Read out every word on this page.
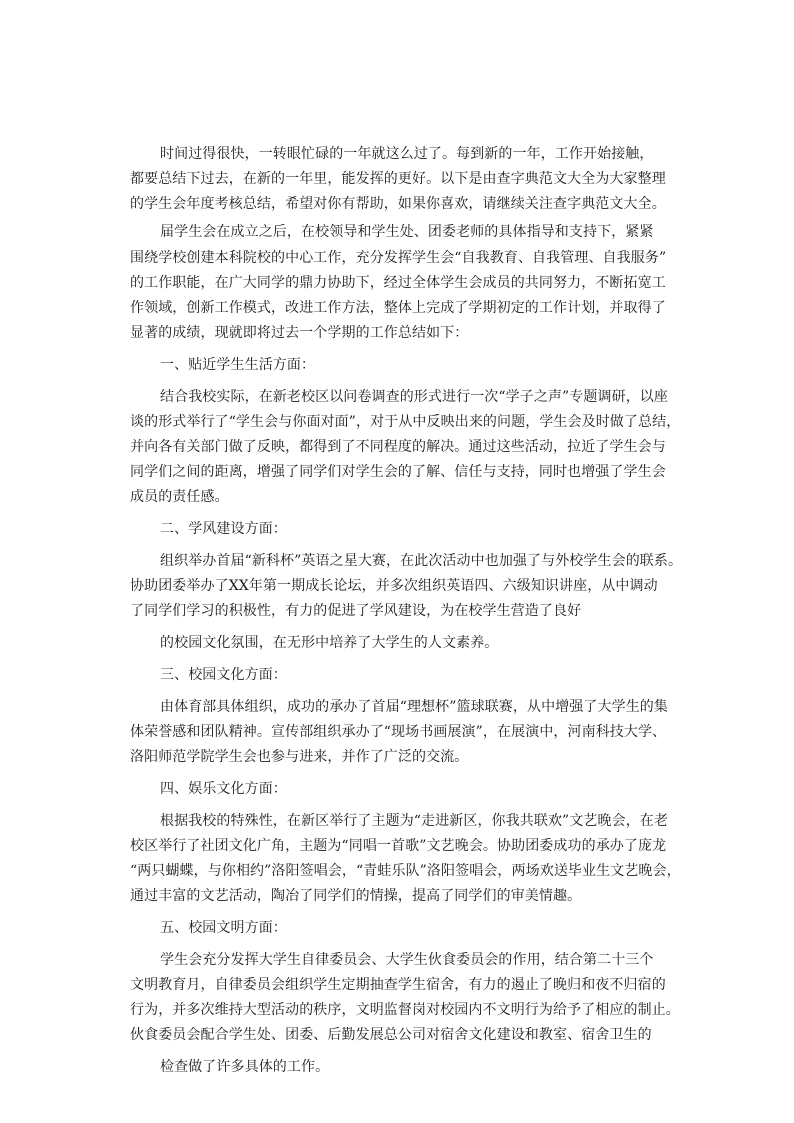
时间过得很快，一转眼忙碌的一年就这么过了。每到新的一年，工作开始接触，
都要总结下过去，在新的一年里，能发挥的更好。以下是由查字典范文大全为大家整理
的学生会年度考核总结，希望对你有帮助，如果你喜欢，请继续关注查字典范文大全。
届学生会在成立之后，在校领导和学生处、团委老师的具体指导和支持下，紧紧
围绕学校创建本科院校的中心工作，充分发挥学生会“自我教育、自我管理、自我服务”
的工作职能，在广大同学的鼎力协助下，经过全体学生会成员的共同努力，不断拓宽工
作领域，创新工作模式，改进工作方法，整体上完成了学期初定的工作计划，并取得了
显著的成绩，现就即将过去一个学期的工作总结如下：
一、贴近学生生活方面：
结合我校实际，在新老校区以问卷调查的形式进行一次“学子之声”专题调研，以座
谈的形式举行了“学生会与你面对面”，对于从中反映出来的问题，学生会及时做了总结，
并向各有关部门做了反映，都得到了不同程度的解决。通过这些活动，拉近了学生会与
同学们之间的距离，增强了同学们对学生会的了解、信任与支持，同时也增强了学生会
成员的责任感。
二、学风建设方面：
组织举办首届“新科杯”英语之星大赛，在此次活动中也加强了与外校学生会的联系。
协助团委举办了XX年第一期成长论坛，并多次组织英语四、六级知识讲座，从中调动
了同学们学习的积极性，有力的促进了学风建设，为在校学生营造了良好
的校园文化氛围，在无形中培养了大学生的人文素养。
三、校园文化方面：
由体育部具体组织，成功的承办了首届“理想杯”篮球联赛，从中增强了大学生的集
体荣誉感和团队精神。宣传部组织承办了“现场书画展演”，在展演中，河南科技大学、
洛阳师范学院学生会也参与进来，并作了广泛的交流。
四、娱乐文化方面：
根据我校的特殊性，在新区举行了主题为“走进新区，你我共联欢”文艺晚会，在老
校区举行了社团文化广角，主题为“同唱一首歌”文艺晚会。协助团委成功的承办了庞龙
“两只蝴蝶，与你相约”洛阳签唱会，“青蛙乐队”洛阳签唱会，两场欢送毕业生文艺晚会，
通过丰富的文艺活动，陶冶了同学们的情操，提高了同学们的审美情趣。
五、校园文明方面：
学生会充分发挥大学生自律委员会、大学生伙食委员会的作用，结合第二十三个
文明教育月，自律委员会组织学生定期抽查学生宿舍，有力的遏止了晚归和夜不归宿的
行为，并多次维持大型活动的秩序，文明监督岗对校园内不文明行为给予了相应的制止。
伙食委员会配合学生处、团委、后勤发展总公司对宿舍文化建设和教室、宿舍卫生的
检查做了许多具体的工作。
